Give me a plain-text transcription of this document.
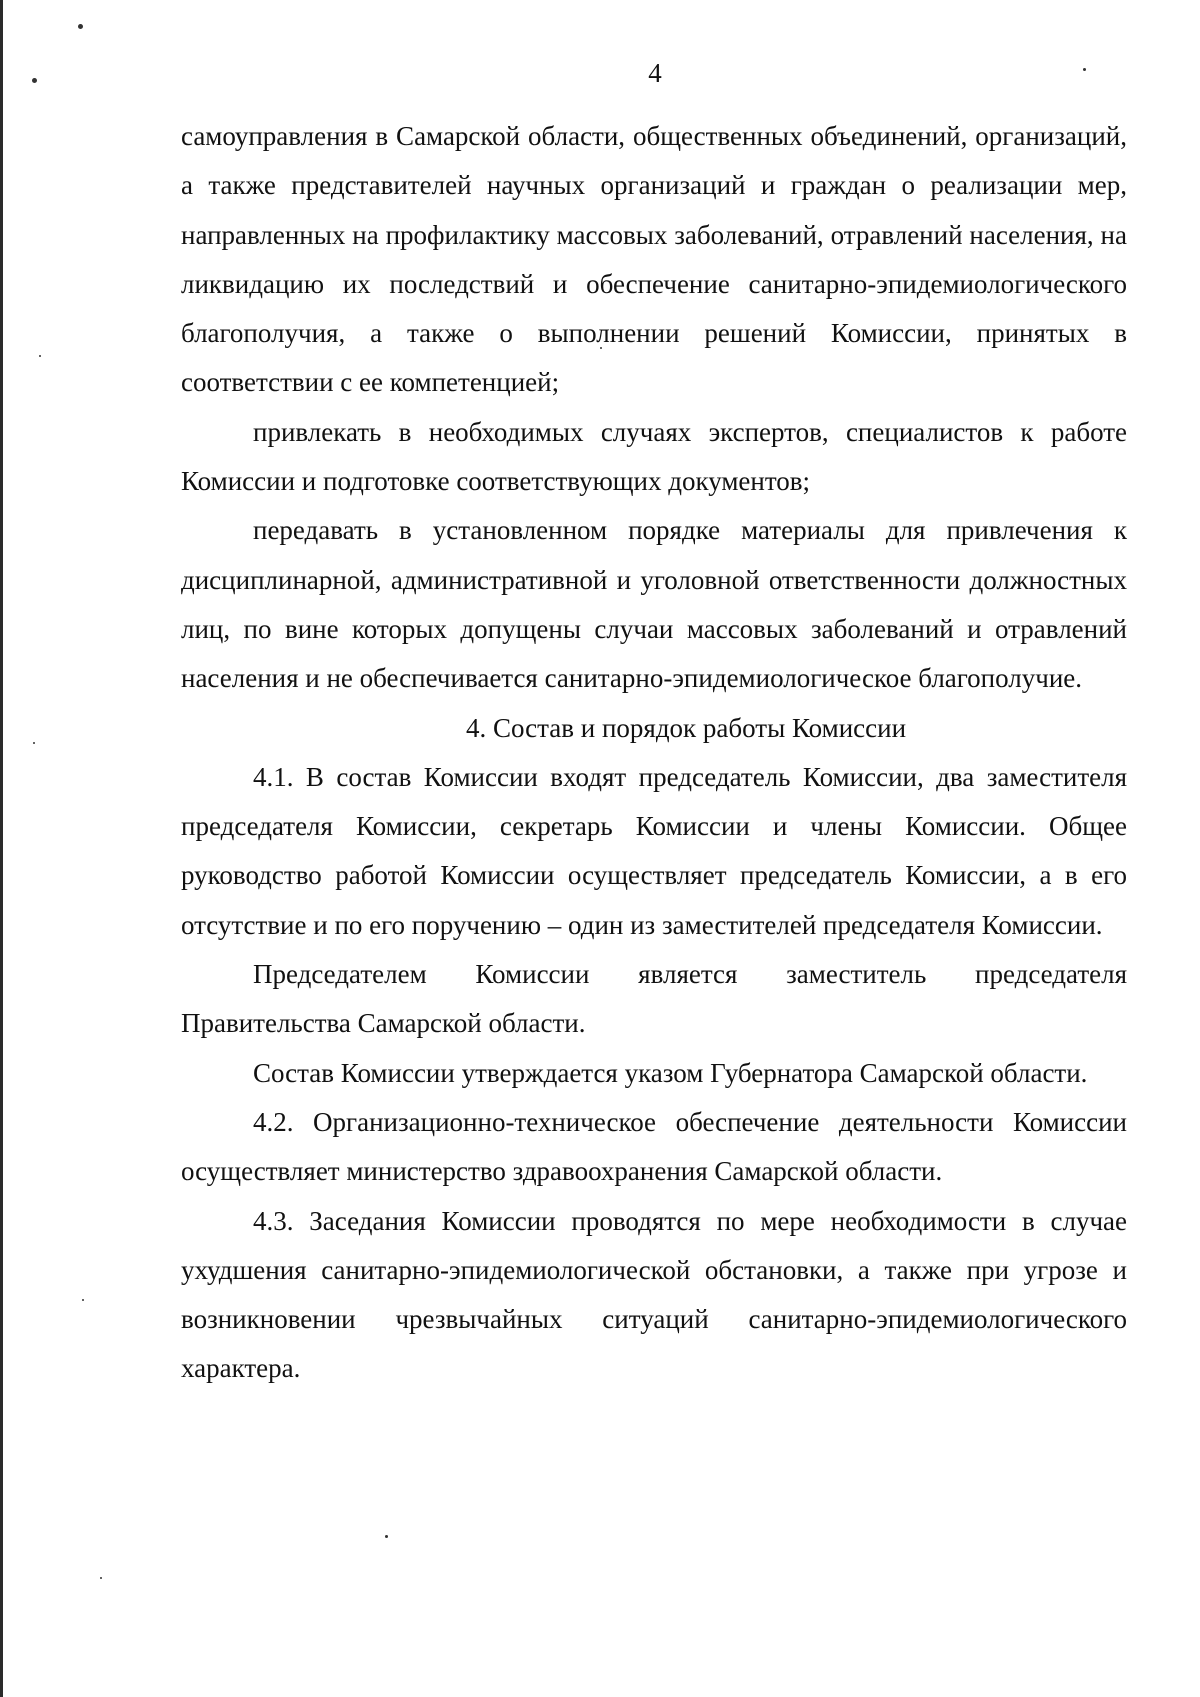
4

самоуправления в Самарской области, общественных объединений, организаций, а также представителей научных организаций и граждан о реализации мер, направленных на профилактику массовых заболеваний, отравлений населения, на ликвидацию их последствий и обеспечение санитарно-эпидемиологического благополучия, а также о выполнении решений Комиссии, принятых в соответствии с ее компетенцией;

привлекать в необходимых случаях экспертов, специалистов к работе Комиссии и подготовке соответствующих документов;

передавать в установленном порядке материалы для привлечения к дисциплинарной, административной и уголовной ответственности должностных лиц, по вине которых допущены случаи массовых заболеваний и отравлений населения и не обеспечивается санитарно-эпидемиологическое благополучие.

4. Состав и порядок работы Комиссии

4.1. В состав Комиссии входят председатель Комиссии, два заместителя председателя Комиссии, секретарь Комиссии и члены Комиссии. Общее руководство работой Комиссии осуществляет председатель Комиссии, а в его отсутствие и по его поручению – один из заместителей председателя Комиссии.

Председателем Комиссии является заместитель председателя Правительства Самарской области.

Состав Комиссии утверждается указом Губернатора Самарской области.

4.2. Организационно-техническое обеспечение деятельности Комиссии осуществляет министерство здравоохранения Самарской области.

4.3. Заседания Комиссии проводятся по мере необходимости в случае ухудшения санитарно-эпидемиологической обстановки, а также при угрозе и возникновении чрезвычайных ситуаций санитарно-эпидемиологического характера.
